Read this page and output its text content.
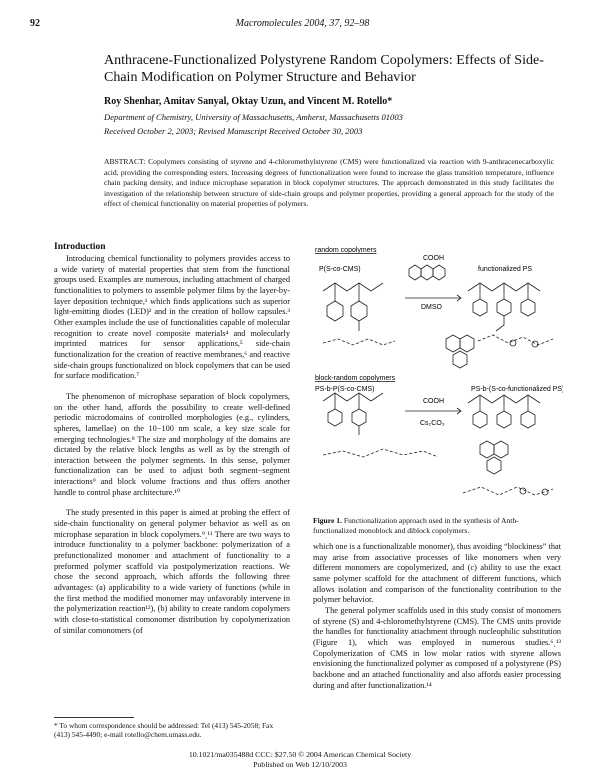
92	Macromolecules 2004, 37, 92–98
Anthracene-Functionalized Polystyrene Random Copolymers: Effects of Side-Chain Modification on Polymer Structure and Behavior
Roy Shenhar, Amitav Sanyal, Oktay Uzun, and Vincent M. Rotello*
Department of Chemistry, University of Massachusetts, Amherst, Massachusetts 01003
Received October 2, 2003; Revised Manuscript Received October 30, 2003
ABSTRACT: Copolymers consisting of styrene and 4-chloromethylstyrene (CMS) were functionalized via reaction with 9-anthracenecarboxylic acid, providing the corresponding esters. Increasing degrees of functionalization were found to increase the glass transition temperature, influence chain packing density, and induce microphase separation in block copolymer structures. The approach demonstrated in this study facilitates the investigation of the relationship between structure of side-chain groups and polymer properties, providing a general approach for the study of the effect of chemical functionality on material properties of polymers.
Introduction

Introducing chemical functionality to polymers provides access to a wide variety of material properties that stem from the functional groups used. Examples are numerous, including attachment of charged functionalities to polymers to assemble polymer films by the layer-by-layer deposition technique,¹ which finds applications such as superior light-emitting diodes (LED)² and in the creation of hollow capsules.³ Other examples include the use of functionalities capable of molecular recognition to create novel composite materials⁴ and molecularly imprinted matrices for sensor applications,⁵ side-chain functionalization for the creation of reactive membranes,⁶ and reactive side-chain groups functionalized on block copolymers that can be used for surface modification.⁷

The phenomenon of microphase separation of block copolymers, on the other hand, affords the possibility to create well-defined periodic microdomains of controlled morphologies (e.g., cylinders, spheres, lamellae) on the 10−100 nm scale, a key size scale for emerging technologies.⁸ The size and morphology of the domains are dictated by the relative block lengths as well as by the strength of interaction between the polymer segments. In this sense, polymer functionalization can be used to adjust both segment−segment interactions⁹ and block volume fractions and thus offers another handle to control phase architecture.¹⁰

The study presented in this paper is aimed at probing the effect of side-chain functionality on general polymer behavior as well as on microphase separation in block copolymers.⁹ˏ¹¹ There are two ways to introduce functionality to a polymer backbone: polymerization of a prefunctionalized monomer and attachment of functionality to a preformed polymer scaffold via postpolymerization reactions. We chose the second approach, which affords the following three advantages: (a) applicability to a wide variety of functions (while in the first method the modified monomer may unfavorably intervene in the polymerization reaction¹²), (b) ability to create random copolymers with close-to-statistical comonomer distribution by copolymerization of similar comonomers (of

random copolymers
P(S-co-CMS)	functionalized PS
COOH
DMSO
block-random copolymers
PS-b-P(S-co-CMS)	PS-b-(S-co-functionalized PS)
COOH
Cs₂CO₃
Figure 1. Functionalization approach used in the synthesis of Anth-functionalized monoblock and diblock copolymers.

which one is a functionalizable monomer), thus avoiding “blockiness” that may arise from associative processes of like monomers when very different monomers are copolymerized, and (c) ability to use the exact same polymer scaffold for the attachment of different functions, which allows isolation and comparison of the functionality contribution to the polymer behavior.

The general polymer scaffolds used in this study consist of monomers of styrene (S) and 4-chloromethylstyrene (CMS). The CMS units provide the handles for functionality attachment through nucleophilic substitution (Figure 1), which was employed in numerous studies.⁶ˏ¹³ Copolymerization of CMS in low molar ratios with styrene allows envisioning the functionalized polymer as composed of a polystyrene (PS) backbone and an attached functionality and also affords easier processing during and after functionalization.¹⁴

* To whom correspondence should be addressed: Tel (413) 545-2058; Fax (413) 545-4490; e-mail rotello@chem.umass.edu.
10.1021/ma035488d CCC: $27.50 © 2004 American Chemical Society
Published on Web 12/10/2003
